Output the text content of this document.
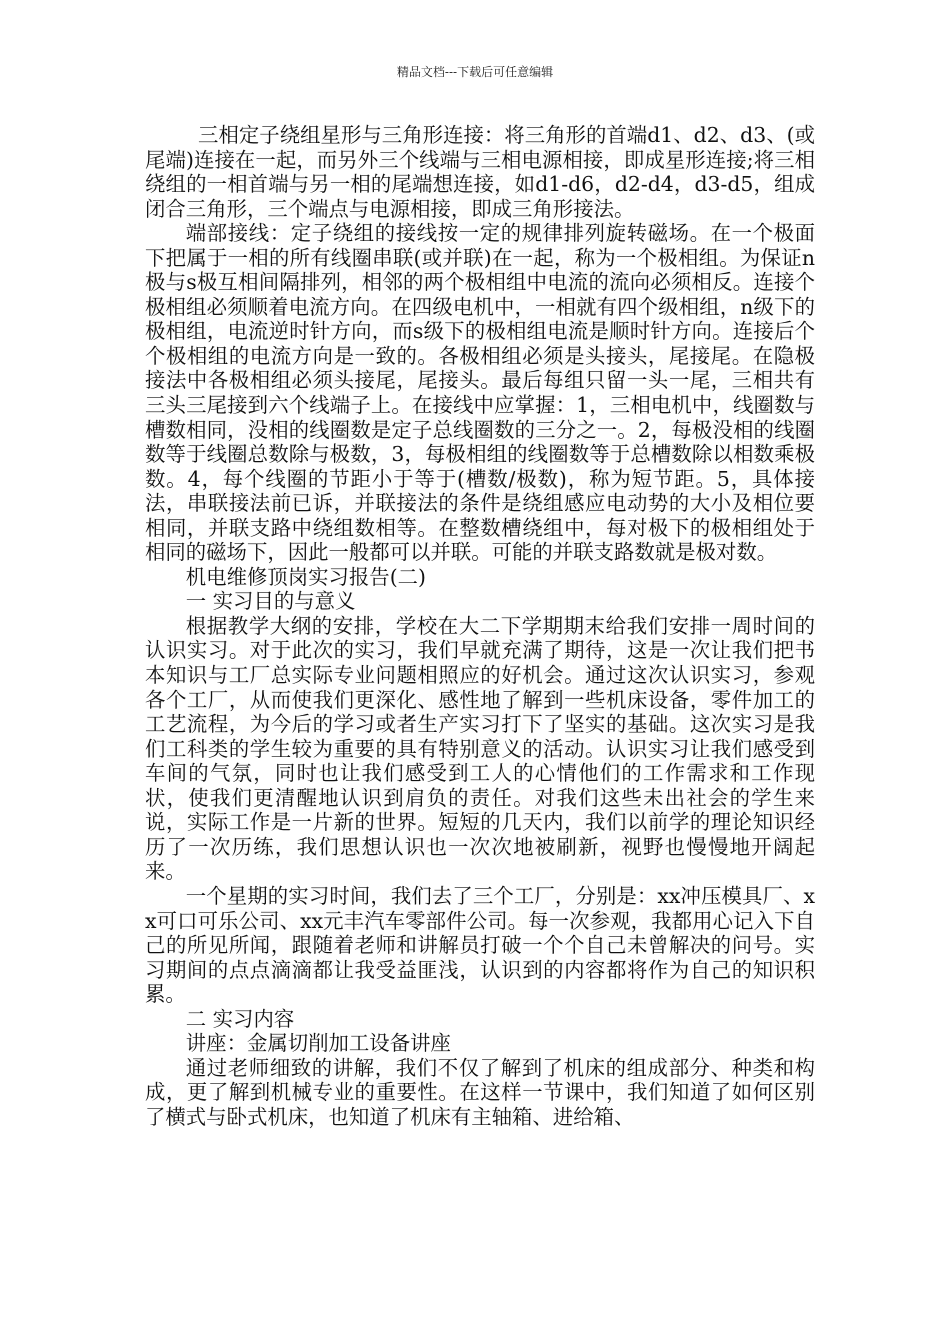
精品文档---下载后可任意编辑

三相定子绕组星形与三角形连接：将三角形的首端d1、d2、d3、(或尾端)连接在一起，而另外三个线端与三相电源相接，即成星形连接;将三相绕组的一相首端与另一相的尾端想连接，如d1-d6，d2-d4，d3-d5，组成闭合三角形，三个端点与电源相接，即成三角形接法。

端部接线：定子绕组的接线按一定的规律排列旋转磁场。在一个极面下把属于一相的所有线圈串联(或并联)在一起，称为一个极相组。为保证n极与s极互相间隔排列，相邻的两个极相组中电流的流向必须相反。连接个极相组必须顺着电流方向。在四级电机中，一相就有四个级相组，n级下的极相组，电流逆时针方向，而s级下的极相组电流是顺时针方向。连接后个个极相组的电流方向是一致的。各极相组必须是头接头，尾接尾。在隐极接法中各极相组必须头接尾，尾接头。最后每组只留一头一尾，三相共有三头三尾接到六个线端子上。在接线中应掌握：1，三相电机中，线圈数与槽数相同，没相的线圈数是定子总线圈数的三分之一。2，每极没相的线圈数等于线圈总数除与极数，3，每极相组的线圈数等于总槽数除以相数乘极数。4，每个线圈的节距小于等于(槽数/极数)，称为短节距。5，具体接法，串联接法前已诉，并联接法的条件是绕组感应电动势的大小及相位要相同，并联支路中绕组数相等。在整数槽绕组中，每对极下的极相组处于相同的磁场下，因此一般都可以并联。可能的并联支路数就是极对数。

机电维修顶岗实习报告(二)

一 实习目的与意义

根据教学大纲的安排，学校在大二下学期期末给我们安排一周时间的认识实习。对于此次的实习，我们早就充满了期待，这是一次让我们把书本知识与工厂总实际专业问题相照应的好机会。通过这次认识实习，参观各个工厂，从而使我们更深化、感性地了解到一些机床设备，零件加工的工艺流程，为今后的学习或者生产实习打下了坚实的基础。这次实习是我们工科类的学生较为重要的具有特别意义的活动。认识实习让我们感受到车间的气氛，同时也让我们感受到工人的心情他们的工作需求和工作现状，使我们更清醒地认识到肩负的责任。对我们这些未出社会的学生来说，实际工作是一片新的世界。短短的几天内，我们以前学的理论知识经历了一次历练，我们思想认识也一次次地被刷新，视野也慢慢地开阔起来。

一个星期的实习时间，我们去了三个工厂，分别是：xx冲压模具厂、xx可口可乐公司、xx元丰汽车零部件公司。每一次参观，我都用心记入下自己的所见所闻，跟随着老师和讲解员打破一个个自己未曾解决的问号。实习期间的点点滴滴都让我受益匪浅，认识到的内容都将作为自己的知识积累。

二 实习内容

讲座：金属切削加工设备讲座

通过老师细致的讲解，我们不仅了解到了机床的组成部分、种类和构成，更了解到机械专业的重要性。在这样一节课中，我们知道了如何区别了横式与卧式机床，也知道了机床有主轴箱、进给箱、
